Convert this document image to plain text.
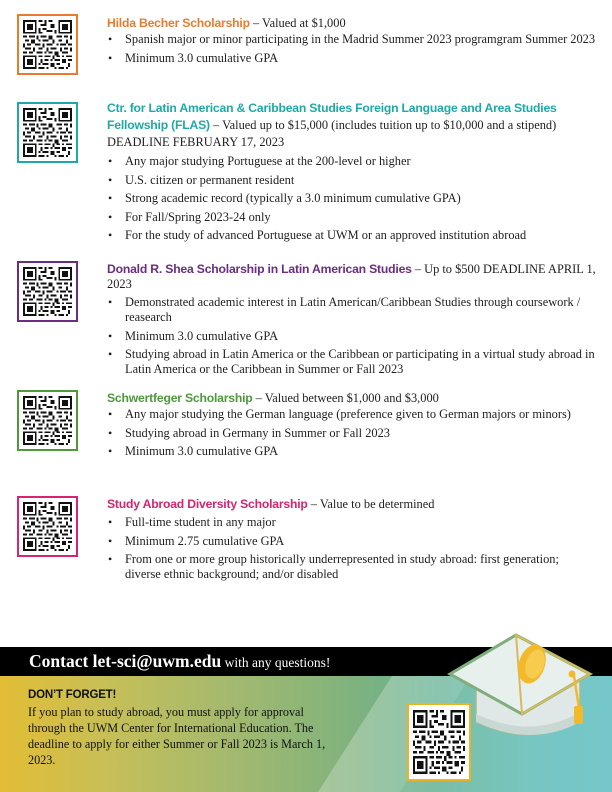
Hilda Becher Scholarship – Valued at $1,000
• Spanish major or minor participating in the Madrid Summer 2023 programgram Summer 2023
• Minimum 3.0 cumulative GPA
Ctr. for Latin American & Caribbean Studies Foreign Language and Area Studies Fellowship (FLAS) – Valued up to $15,000 (includes tuition up to $10,000 and a stipend) DEADLINE FEBRUARY 17, 2023
• Any major studying Portuguese at the 200-level or higher
• U.S. citizen or permanent resident
• Strong academic record (typically a 3.0 minimum cumulative GPA)
• For Fall/Spring 2023-24 only
• For the study of advanced Portuguese at UWM or an approved institution abroad
Donald R. Shea Scholarship in Latin American Studies – Up to $500 DEADLINE APRIL 1, 2023
• Demonstrated academic interest in Latin American/Caribbean Studies through coursework / reasearch
• Minimum 3.0 cumulative GPA
• Studying abroad in Latin America or the Caribbean or participating in a virtual study abroad in Latin America or the Caribbean in Summer or Fall 2023
Schwertfeger Scholarship – Valued between $1,000 and $3,000
• Any major studying the German language (preference given to German majors or minors)
• Studying abroad in Germany in Summer or Fall 2023
• Minimum 3.0 cumulative GPA
Study Abroad Diversity Scholarship – Value to be determined
• Full-time student in any major
• Minimum 2.75 cumulative GPA
• From one or more group historically underrepresented in study abroad: first generation; diverse ethnic background; and/or disabled
Contact let-sci@uwm.edu with any questions!
DON’T FORGET!
If you plan to study abroad, you must apply for approval through the UWM Center for International Education. The deadline to apply for either Summer or Fall 2023 is March 1, 2023.
